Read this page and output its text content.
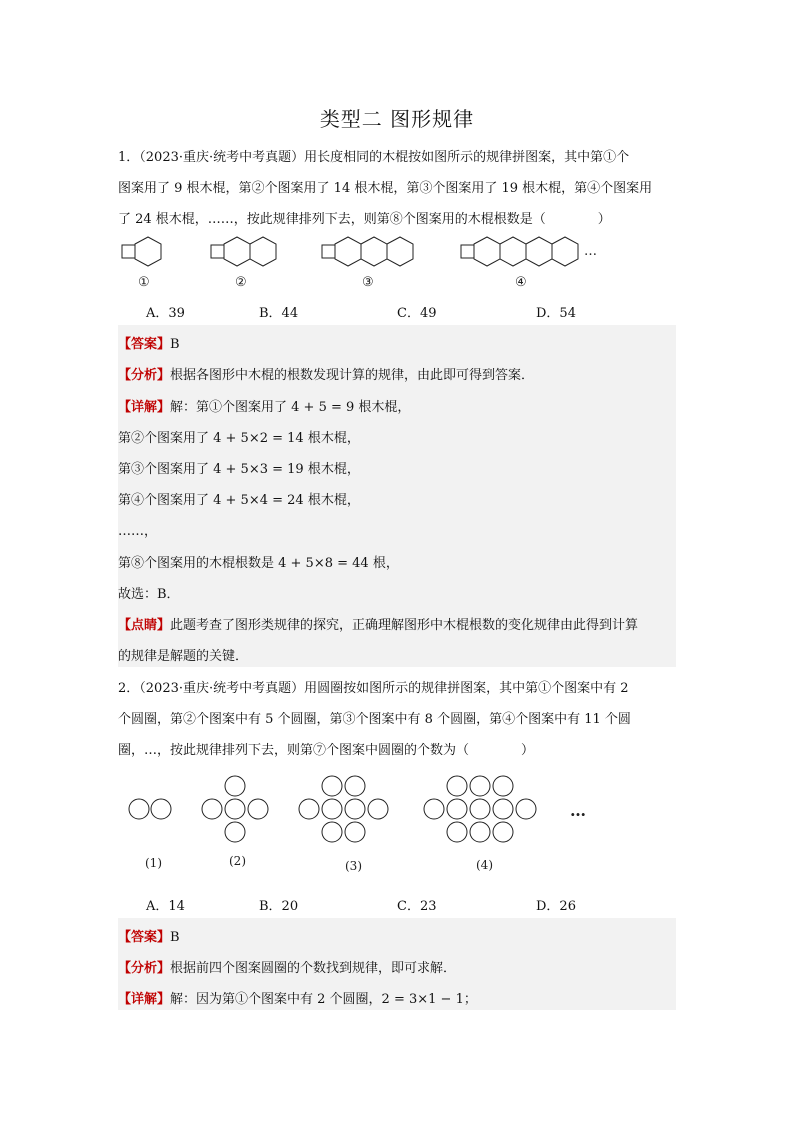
类型二 图形规律
1．（2023·重庆·统考中考真题）用长度相同的木棍按如图所示的规律拼图案，其中第①个
图案用了 9 根木棍，第②个图案用了 14 根木棍，第③个图案用了 19 根木棍，第④个图案用
了 24 根木棍，……，按此规律排列下去，则第⑧个图案用的木棍根数是（　　　　）
…
①	②	③	④
A．39	B．44	C．49	D．54
【答案】B
【分析】根据各图形中木棍的根数发现计算的规律，由此即可得到答案．
【详解】解：第①个图案用了 4 + 5 = 9 根木棍，
第②个图案用了 4 + 5×2 = 14 根木棍，
第③个图案用了 4 + 5×3 = 19 根木棍，
第④个图案用了 4 + 5×4 = 24 根木棍，
……，
第⑧个图案用的木棍根数是 4 + 5×8 = 44 根，
故选：B．
【点睛】此题考查了图形类规律的探究，正确理解图形中木棍根数的变化规律由此得到计算
的规律是解题的关键．
2．（2023·重庆·统考中考真题）用圆圈按如图所示的规律拼图案，其中第①个图案中有 2
个圆圈，第②个图案中有 5 个圆圈，第③个图案中有 8 个圆圈，第④个图案中有 11 个圆
圈，…，按此规律排列下去，则第⑦个图案中圆圈的个数为（　　　　）
…
(1)	(2)	(3)	(4)
A．14	B．20	C．23	D．26
【答案】B
【分析】根据前四个图案圆圈的个数找到规律，即可求解．
【详解】解：因为第①个图案中有 2 个圆圈，2 = 3×1 − 1；
